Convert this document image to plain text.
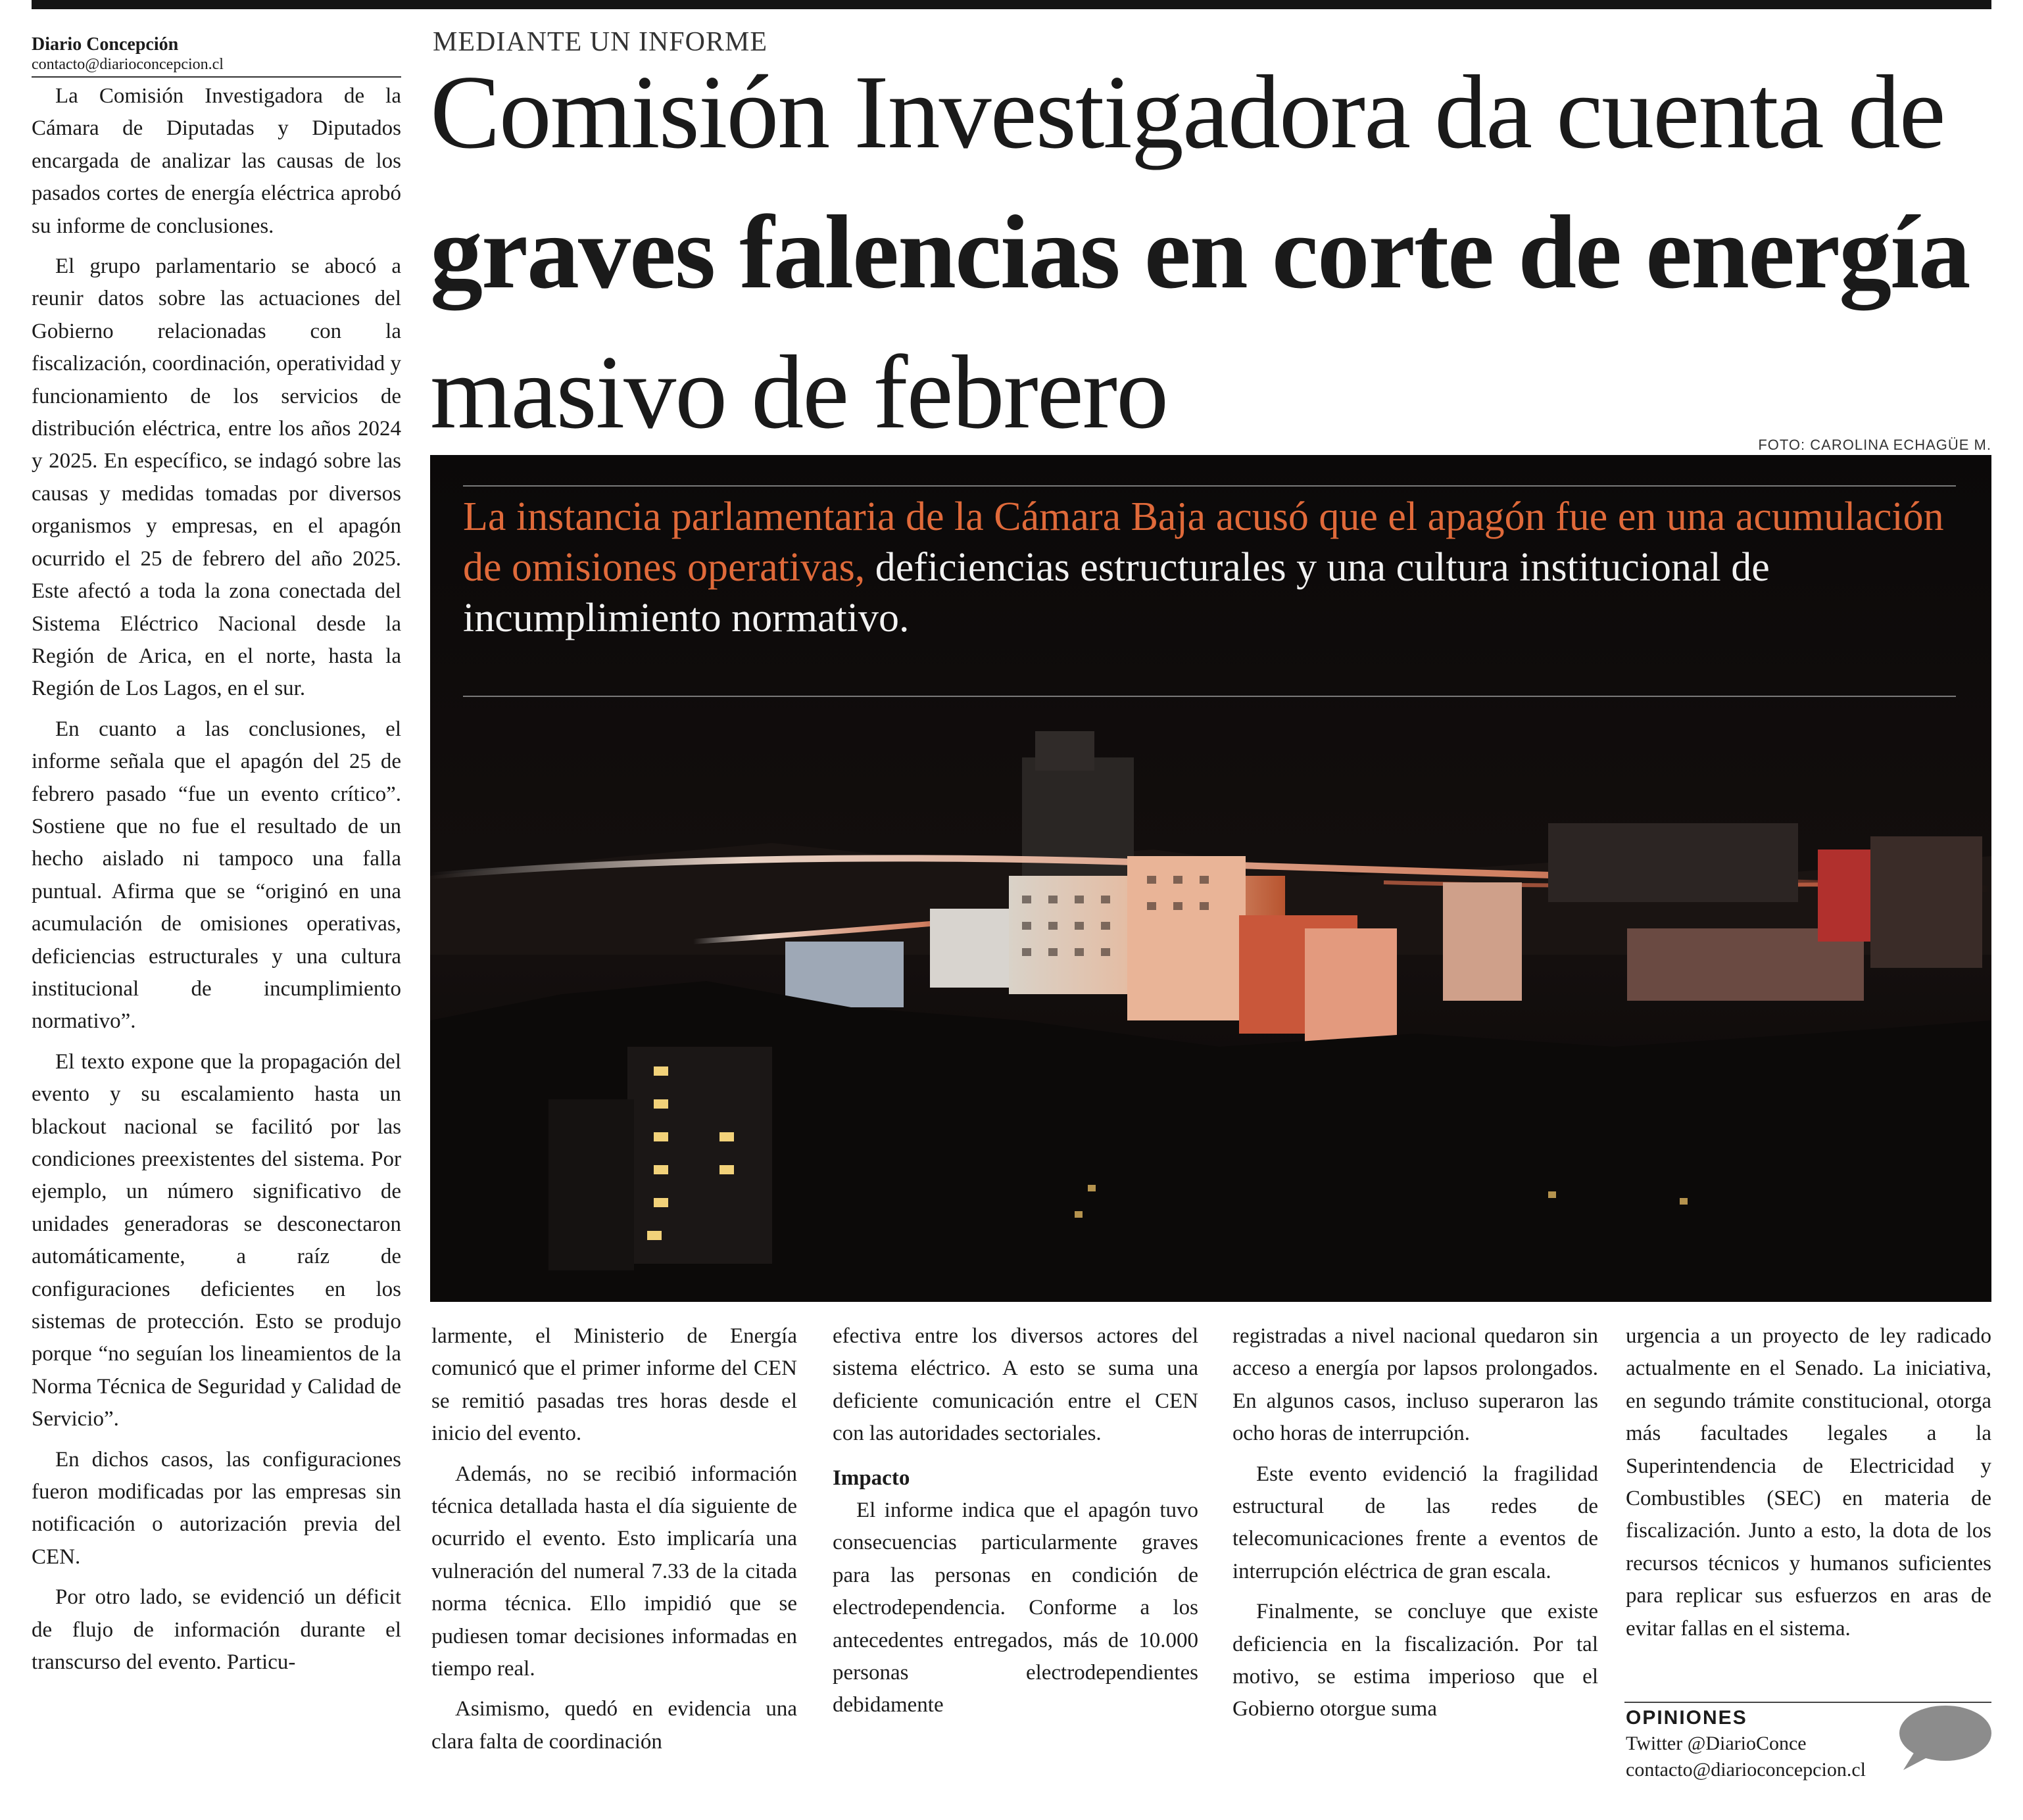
Diario Concepción
contacto@diarioconcepcion.cl

La Comisión Investigadora de la Cámara de Diputadas y Diputados encargada de analizar las causas de los pasados cortes de energía eléctrica aprobó su informe de conclusiones.

El grupo parlamentario se abocó a reunir datos sobre las actuaciones del Gobierno relacionadas con la fiscalización, coordinación, operatividad y funcionamiento de los servicios de distribución eléctrica, entre los años 2024 y 2025. En específico, se indagó sobre las causas y medidas tomadas por diversos organismos y empresas, en el apagón ocurrido el 25 de febrero del año 2025. Este afectó a toda la zona conectada del Sistema Eléctrico Nacional desde la Región de Arica, en el norte, hasta la Región de Los Lagos, en el sur.

En cuanto a las conclusiones, el informe señala que el apagón del 25 de febrero pasado “fue un evento crítico”. Sostiene que no fue el resultado de un hecho aislado ni tampoco una falla puntual. Afirma que se “originó en una acumulación de omisiones operativas, deficiencias estructurales y una cultura institucional de incumplimiento normativo”.

El texto expone que la propagación del evento y su escalamiento hasta un blackout nacional se facilitó por las condiciones preexistentes del sistema. Por ejemplo, un número significativo de unidades generadoras se desconectaron automáticamente, a raíz de configuraciones deficientes en los sistemas de protección. Esto se produjo porque “no seguían los lineamientos de la Norma Técnica de Seguridad y Calidad de Servicio”.

En dichos casos, las configuraciones fueron modificadas por las empresas sin notificación o autorización previa del CEN.

Por otro lado, se evidenció un déficit de flujo de información durante el transcurso del evento. Particu-

MEDIANTE UN INFORME
Comisión Investigadora da cuenta de graves falencias en corte de energía masivo de febrero	FOTO: CAROLINA ECHAGÜE M.

La instancia parlamentaria de la Cámara Baja acusó que el apagón fue en una acumulación de omisiones operativas, deficiencias estructurales y una cultura institucional de incumplimiento normativo.

larmente, el Ministerio de Energía comunicó que el primer informe del CEN se remitió pasadas tres horas desde el inicio del evento.

Además, no se recibió información técnica detallada hasta el día siguiente de ocurrido el evento. Esto implicaría una vulneración del numeral 7.33 de la citada norma técnica. Ello impidió que se pudiesen tomar decisiones informadas en tiempo real.

Asimismo, quedó en evidencia una clara falta de coordinación

efectiva entre los diversos actores del sistema eléctrico. A esto se suma una deficiente comunicación entre el CEN con las autoridades sectoriales.

Impacto

El informe indica que el apagón tuvo consecuencias particularmente graves para las personas en condición de electrodependencia. Conforme a los antecedentes entregados, más de 10.000 personas electrodependientes debidamente

registradas a nivel nacional quedaron sin acceso a energía por lapsos prolongados. En algunos casos, incluso superaron las ocho horas de interrupción.

Este evento evidenció la fragilidad estructural de las redes de telecomunicaciones frente a eventos de interrupción eléctrica de gran escala.

Finalmente, se concluye que existe deficiencia en la fiscalización. Por tal motivo, se estima imperioso que el Gobierno otorgue suma

urgencia a un proyecto de ley radicado actualmente en el Senado. La iniciativa, en segundo trámite constitucional, otorga más facultades legales a la Superintendencia de Electricidad y Combustibles (SEC) en materia de fiscalización. Junto a esto, la dota de los recursos técnicos y humanos suficientes para replicar sus esfuerzos en aras de evitar fallas en el sistema.

OPINIONES
Twitter @DiarioConce
contacto@diarioconcepcion.cl
